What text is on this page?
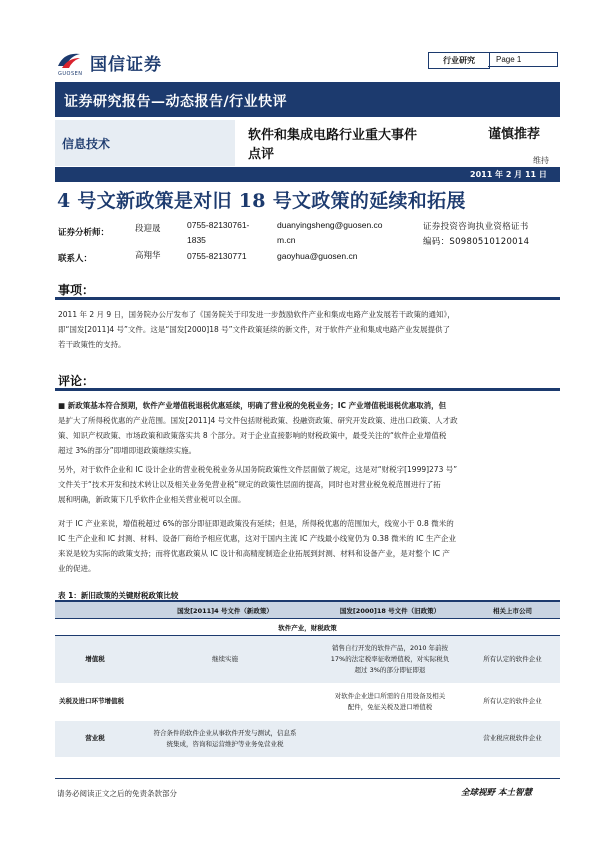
国信证券
GUOSEN
行业研究	Page 1
证券研究报告—动态报告/行业快评
信息技术
软件和集成电路行业重大事件
点评
谨慎推荐
维持
2011 年 2 月 11 日
4 号文新政策是对旧 18 号文政策的延续和拓展
证券分析师：	段迎晟	0755-82130761-
1835
duanyingsheng@guosen.co
m.cn
证券投资咨询执业资格证书
编码：S0980510120014
联系人：	高翔华	0755-82130771	gaoyhua@guosen.cn
事项：
2011 年 2 月 9 日，国务院办公厅发布了《国务院关于印发进一步鼓励软件产业和集成电路产业发展若干政策的通知》，
即“国发[2011]4 号”文件。这是“国发[2000]18 号”文件政策延续的新文件，对于软件产业和集成电路产业发展提供了
若干政策性的支持。
评论：
■ 新政策基本符合预期，软件产业增值税退税优惠延续，明确了营业税的免税业务；IC 产业增值税退税优惠取消，但
是扩大了所得税优惠的产业范围。国发[2011]4 号文件包括财税政策、投融资政策、研究开发政策、进出口政策、人才政
策、知识产权政策、市场政策和政策落实共 8 个部分。对于企业直接影响的财税政策中，最受关注的“软件企业增值税
超过 3%的部分”即增即退政策继续实施。
另外，对于软件企业和 IC 设计企业的营业税免税业务从国务院政策性文件层面做了规定，这是对“财税字[1999]273 号”
文件关于“技术开发和技术转让以及相关业务免营业税”规定的政策性层面的提高，同时也对营业税免税范围进行了拓
展和明确，新政策下几乎软件企业相关营业税可以全面。
对于 IC 产业来说，增值税超过 6%的部分即征即退政策没有延续；但是，所得税优惠的范围加大，线宽小于 0.8 微米的
IC 生产企业和 IC 封测、材料、设备厂商给予相应优惠，这对于国内主流 IC 产线最小线宽仍为 0.38 微米的 IC 生产企业
来说是较为实际的政策支持；而将优惠政策从 IC 设计和高精度制造企业拓展到封测、材料和设备产业，是对整个 IC 产
业的促进。
表 1：新旧政策的关键财税政策比较
	国发[2011]4 号文件（新政策）	国发[2000]18 号文件（旧政策）	相关上市公司
软件产业，财税政策			
增值税	继续实施	销售自行开发的软件产品，2010 年前按
17%的法定税率征收增值税，对实际税负
超过 3%的部分即征即退	所有认定的软件企业
关税及进口环节增值税		对软件企业进口所需的自用设备及相关
配件，免征关税及进口增值税	所有认定的软件企业
营业税	符合条件的软件企业从事软件开发与测试，信息系
统集成，咨询和运营维护等业务免营业税		营业税应税软件企业
请务必阅读正文之后的免责条款部分	全球视野 本土智慧
